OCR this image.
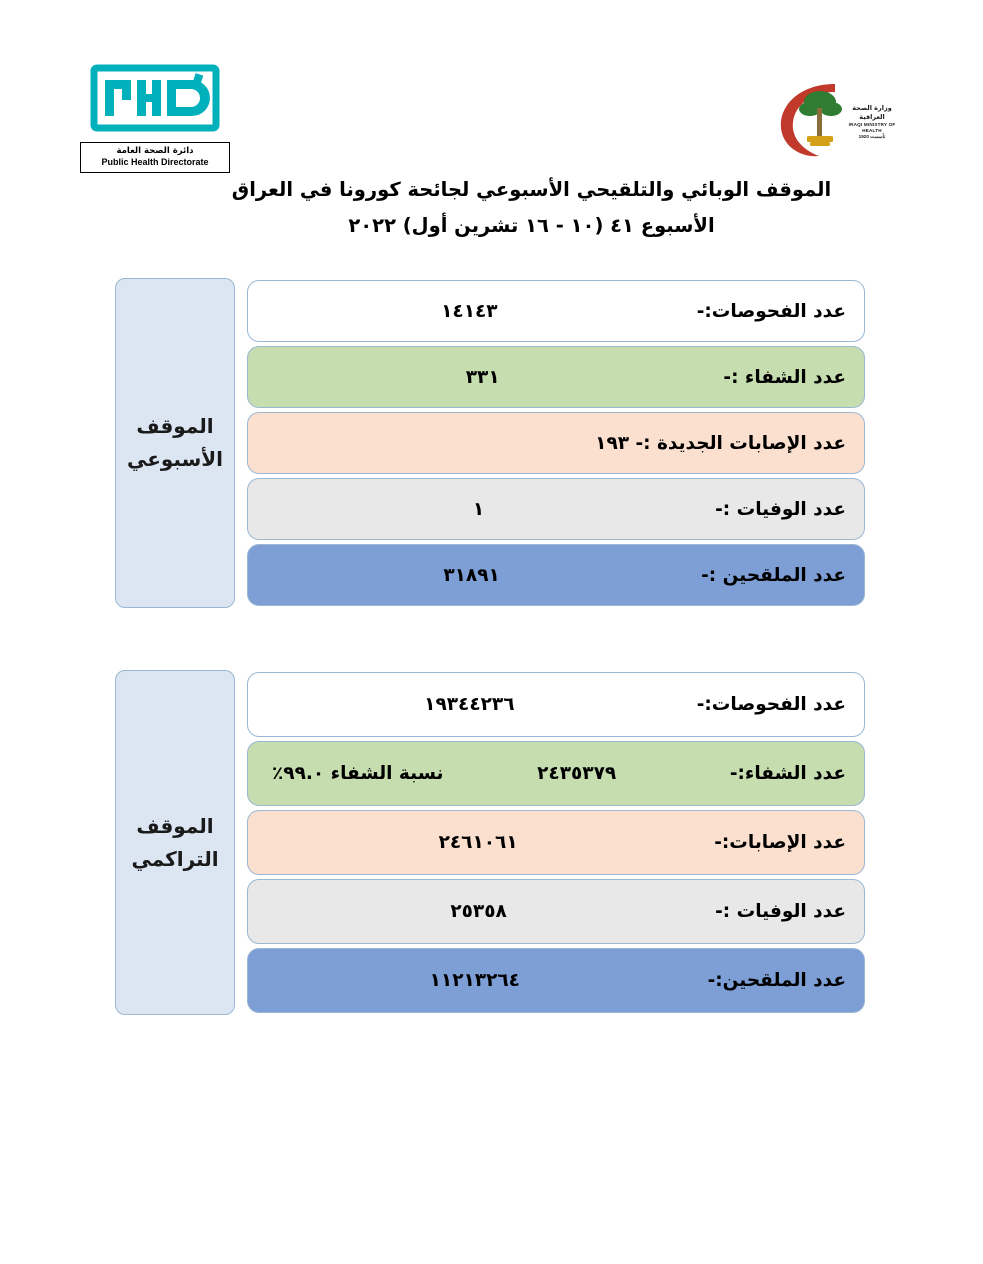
دائرة الصحة العامة
Public Health Directorate
وزارة الصحة العراقية
IRAQI MINISTRY OF HEALTH
تأسست 1920
الموقف الوبائي والتلقيحي الأسبوعي لجائحة كورونا في العراق
الأسبوع ٤١ (١٠ - ١٦ تشرين أول) ٢٠٢٢
الموقف
الأسبوعي
عدد الفحوصات:-
١٤١٤٣
عدد الشفاء :-
٣٣١
عدد الإصابات الجديدة :- ١٩٣
عدد الوفيات :-
١
عدد الملقحين :-
٣١٨٩١
الموقف
التراكمي
عدد الفحوصات:-
١٩٣٤٤٢٣٦
عدد الشفاء:-
٢٤٣٥٣٧٩
نسبة الشفاء ٩٩.٠٪
عدد الإصابات:-
٢٤٦١٠٦١
عدد الوفيات :-
٢٥٣٥٨
عدد الملقحين:-
١١٢١٣٢٦٤
